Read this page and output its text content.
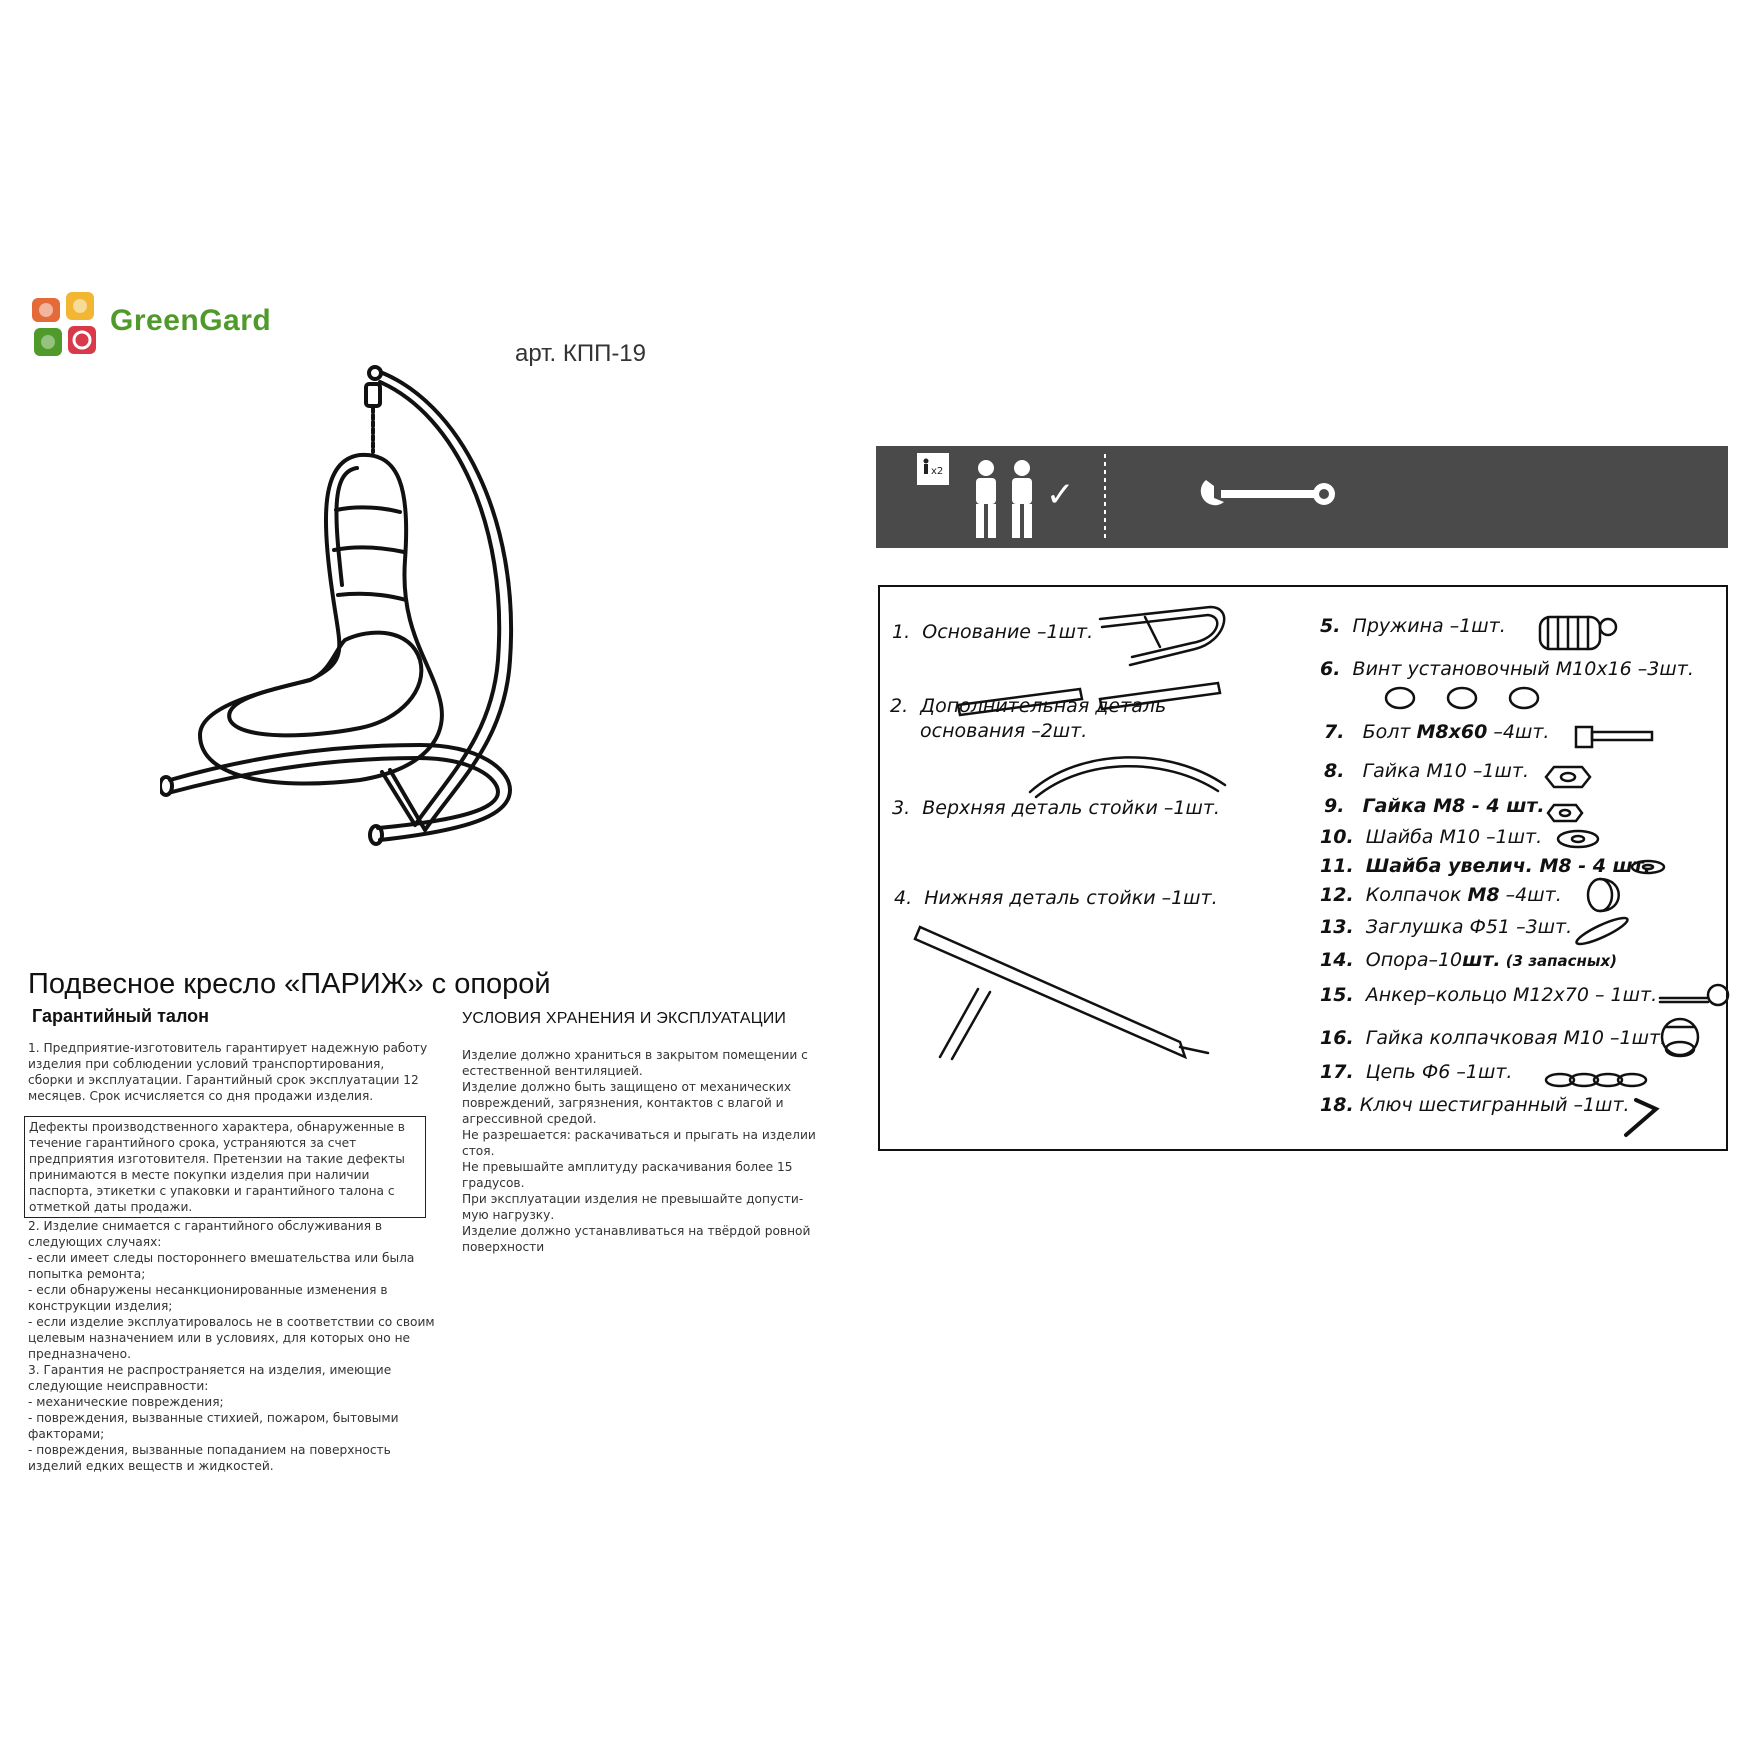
GreenGard
арт. КПП-19
Подвесное кресло «ПАРИЖ» с опорой
Гарантийный талон	УСЛОВИЯ ХРАНЕНИЯ И ЭКСПЛУАТАЦИИ
1. Предприятие-изготовитель гарантирует надежную работу изделия при соблюдении условий транспортирования, сборки и эксплуатации. Гарантийный срок эксплуатации 12 месяцев. Срок исчисляется со дня продажи изделия.
Дефекты производственного характера, обнаруженные в течение гарантийного срока, устраняются за счет предприятия изготовителя. Претензии на такие дефекты принимаются в месте покупки изделия при наличии паспорта, этикетки с упаковки и гарантийного талона с отметкой даты продажи.
2. Изделие снимается с гарантийного обслуживания в следующих случаях:
- если имеет следы постороннего вмешательства или была попытка ремонта;
- если обнаружены несанкционированные изменения в конструкции изделия;
- если изделие эксплуатировалось не в соответствии со своим целевым назначением или в условиях, для которых оно не предназначено.
3. Гарантия не распространяется на изделия, имеющие следующие неисправности:
- механические повреждения;
- повреждения, вызванные стихией, пожаром, бытовыми факторами;
- повреждения, вызванные попаданием на поверхность изделий едких веществ и жидкостей.
Изделие должно храниться в закрытом помещении с естественной вентиляцией.
Изделие должно быть защищено от механических повреждений, загрязнения, контактов с влагой и агрессивной средой.
Не разрешается: раскачиваться и прыгать на изделии стоя.
Не превышайте амплитуду раскачивания более 15 градусов.
При эксплуатации изделия не превышайте допусти- мую нагрузку.
Изделие должно устанавливаться на твёрдой ровной поверхности
x2
✓
1. Основание –1шт.
2. Дополнительная деталь
основания –2шт.
3. Верхняя деталь стойки –1шт.
4. Нижняя деталь стойки –1шт.
5. Пружина –1шт.
6. Винт установочный М10х16 –3шт.
7. Болт М8х60 –4шт.
8. Гайка М10 –1шт.
9. Гайка М8 - 4 шт.
10. Шайба М10 –1шт.
11. Шайба увелич. М8 - 4 шт.
12. Колпачок М8 –4шт.
13. Заглушка Ф51 –3шт.
14. Опора–10шт. (3 запасных)
15. Анкер–кольцо М12х70 – 1шт.
16. Гайка колпачковая М10 –1шт.
17. Цепь Ф6 –1шт.
18. Ключ шестигранный –1шт.
